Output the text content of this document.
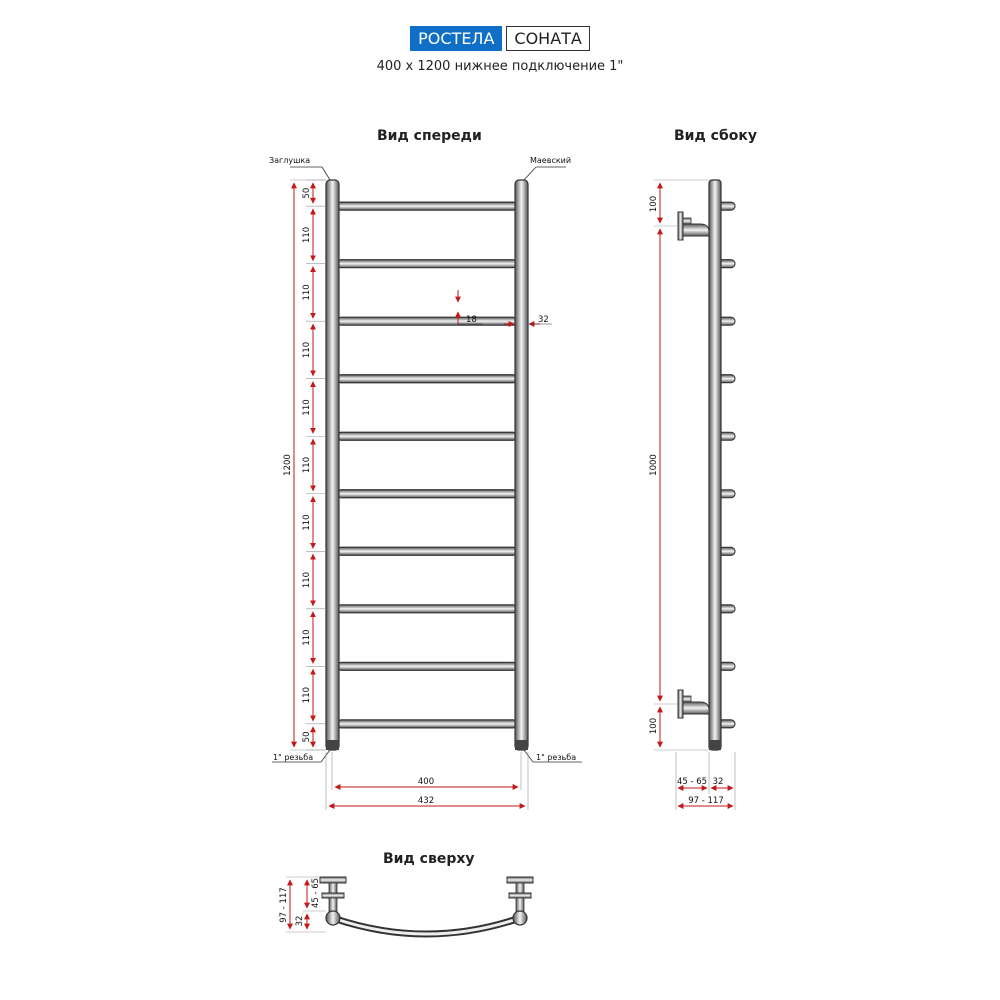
РОСТЕЛА	СОНАТА
400 x 1200 нижнее подключение 1"
Вид спереди	Вид сбоку
Вид сверху
Заглушка	Маевский
1" резьба	1" резьба
1200
50
110
110
110
110
110
110
110
110
110
50
18	32
400
432
100
1000
100
45 - 65 32
97 - 117
97 - 117 32
45 - 65
